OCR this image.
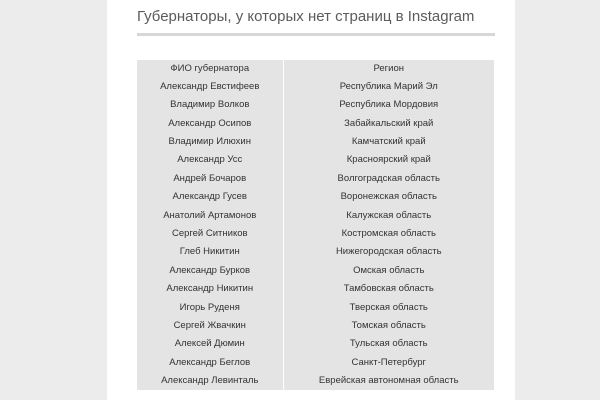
Губернаторы, у которых нет страниц в Instagram
ФИО губернатора	Регион
Александр Евстифеев	Республика Марий Эл
Владимир Волков	Республика Мордовия
Александр Осипов	Забайкальский край
Владимир Илюхин	Камчатский край
Александр Усс	Красноярский край
Андрей Бочаров	Волгоградская область
Александр Гусев	Воронежская область
Анатолий Артамонов	Калужская область
Сергей Ситников	Костромская область
Глеб Никитин	Нижегородская область
Александр Бурков	Омская область
Александр Никитин	Тамбовская область
Игорь Руденя	Тверская область
Сергей Жвачкин	Томская область
Алексей Дюмин	Тульская область
Александр Беглов	Санкт-Петербург
Александр Левинталь	Еврейская автономная область
